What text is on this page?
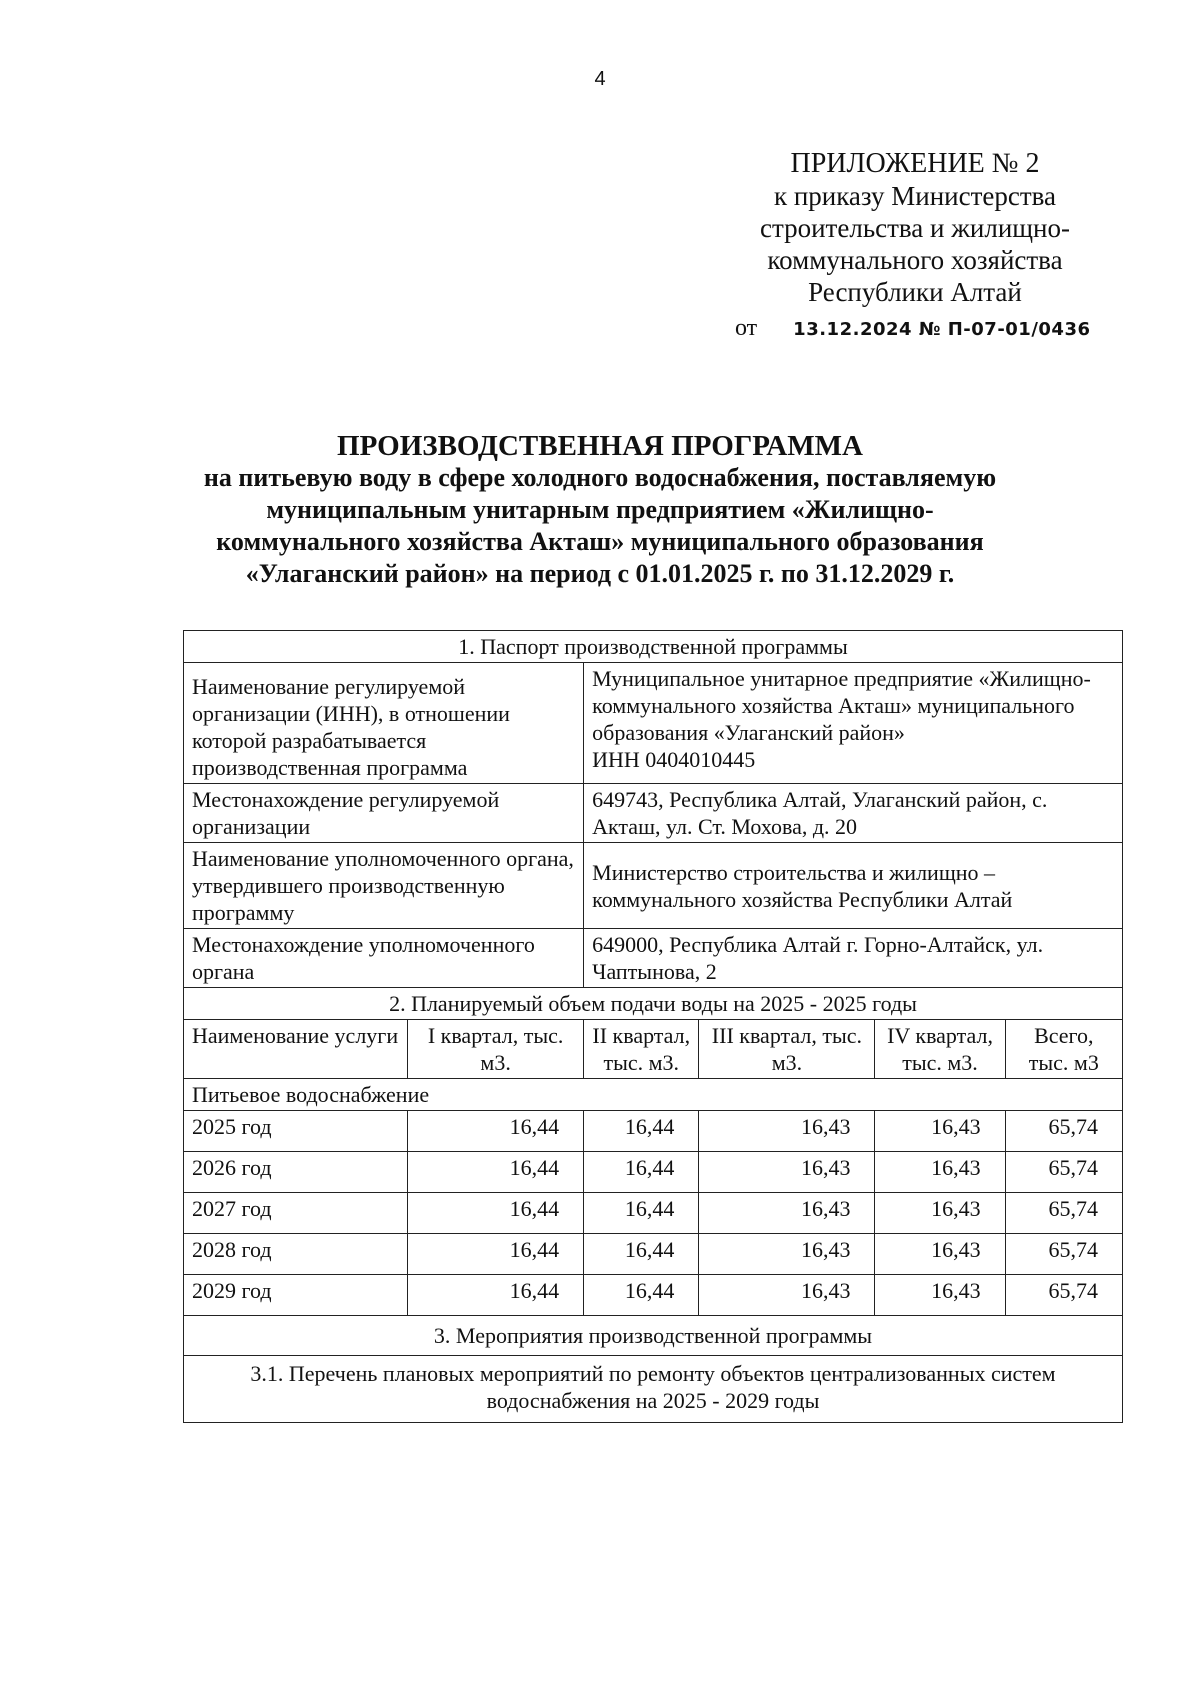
4
ПРИЛОЖЕНИЕ № 2
к приказу Министерства
строительства и жилищно-
коммунального хозяйства
Республики Алтай
от 13.12.2024 № П-07-01/0436
ПРОИЗВОДСТВЕННАЯ ПРОГРАММА
на питьевую воду в сфере холодного водоснабжения, поставляемую
муниципальным унитарным предприятием «Жилищно-
коммунального хозяйства Акташ» муниципального образования
«Улаганский район» на период с 01.01.2025 г. по 31.12.2029 г.
1. Паспорт производственной программы					
Наименование регулируемой организации (ИНН), в отношении которой разрабатывается производственная программа		Муниципальное унитарное предприятие «Жилищно-коммунального хозяйства Акташ» муниципального образования «Улаганский район»
ИНН 0404010445			

Местонахождение регулируемой организации		649743, Республика Алтай, Улаганский район, с. Акташ, ул. Ст. Мохова, д. 20			
Наименование уполномоченного органа, утвердившего производственную программу		Министерство строительства и жилищно – коммунального хозяйства Республики Алтай			
Местонахождение уполномоченного органа		649000, Республика Алтай г. Горно-Алтайск, ул. Чаптынова, 2			
2. Планируемый объем подачи воды на 2025 - 2025 годы					
Наименование услуги	I квартал, тыс. м3.	II квартал, тыс. м3.	III квартал, тыс. м3.	IV квартал, тыс. м3.	Всего, тыс. м3
Питьевое водоснабжение					
2025 год	16,44	16,44	16,43	16,43	65,74
2026 год	16,44	16,44	16,43	16,43	65,74
2027 год	16,44	16,44	16,43	16,43	65,74
2028 год	16,44	16,44	16,43	16,43	65,74
2029 год	16,44	16,44	16,43	16,43	65,74
3. Мероприятия производственной программы					
3.1. Перечень плановых мероприятий по ремонту объектов централизованных систем водоснабжения на 2025 - 2029 годы					
